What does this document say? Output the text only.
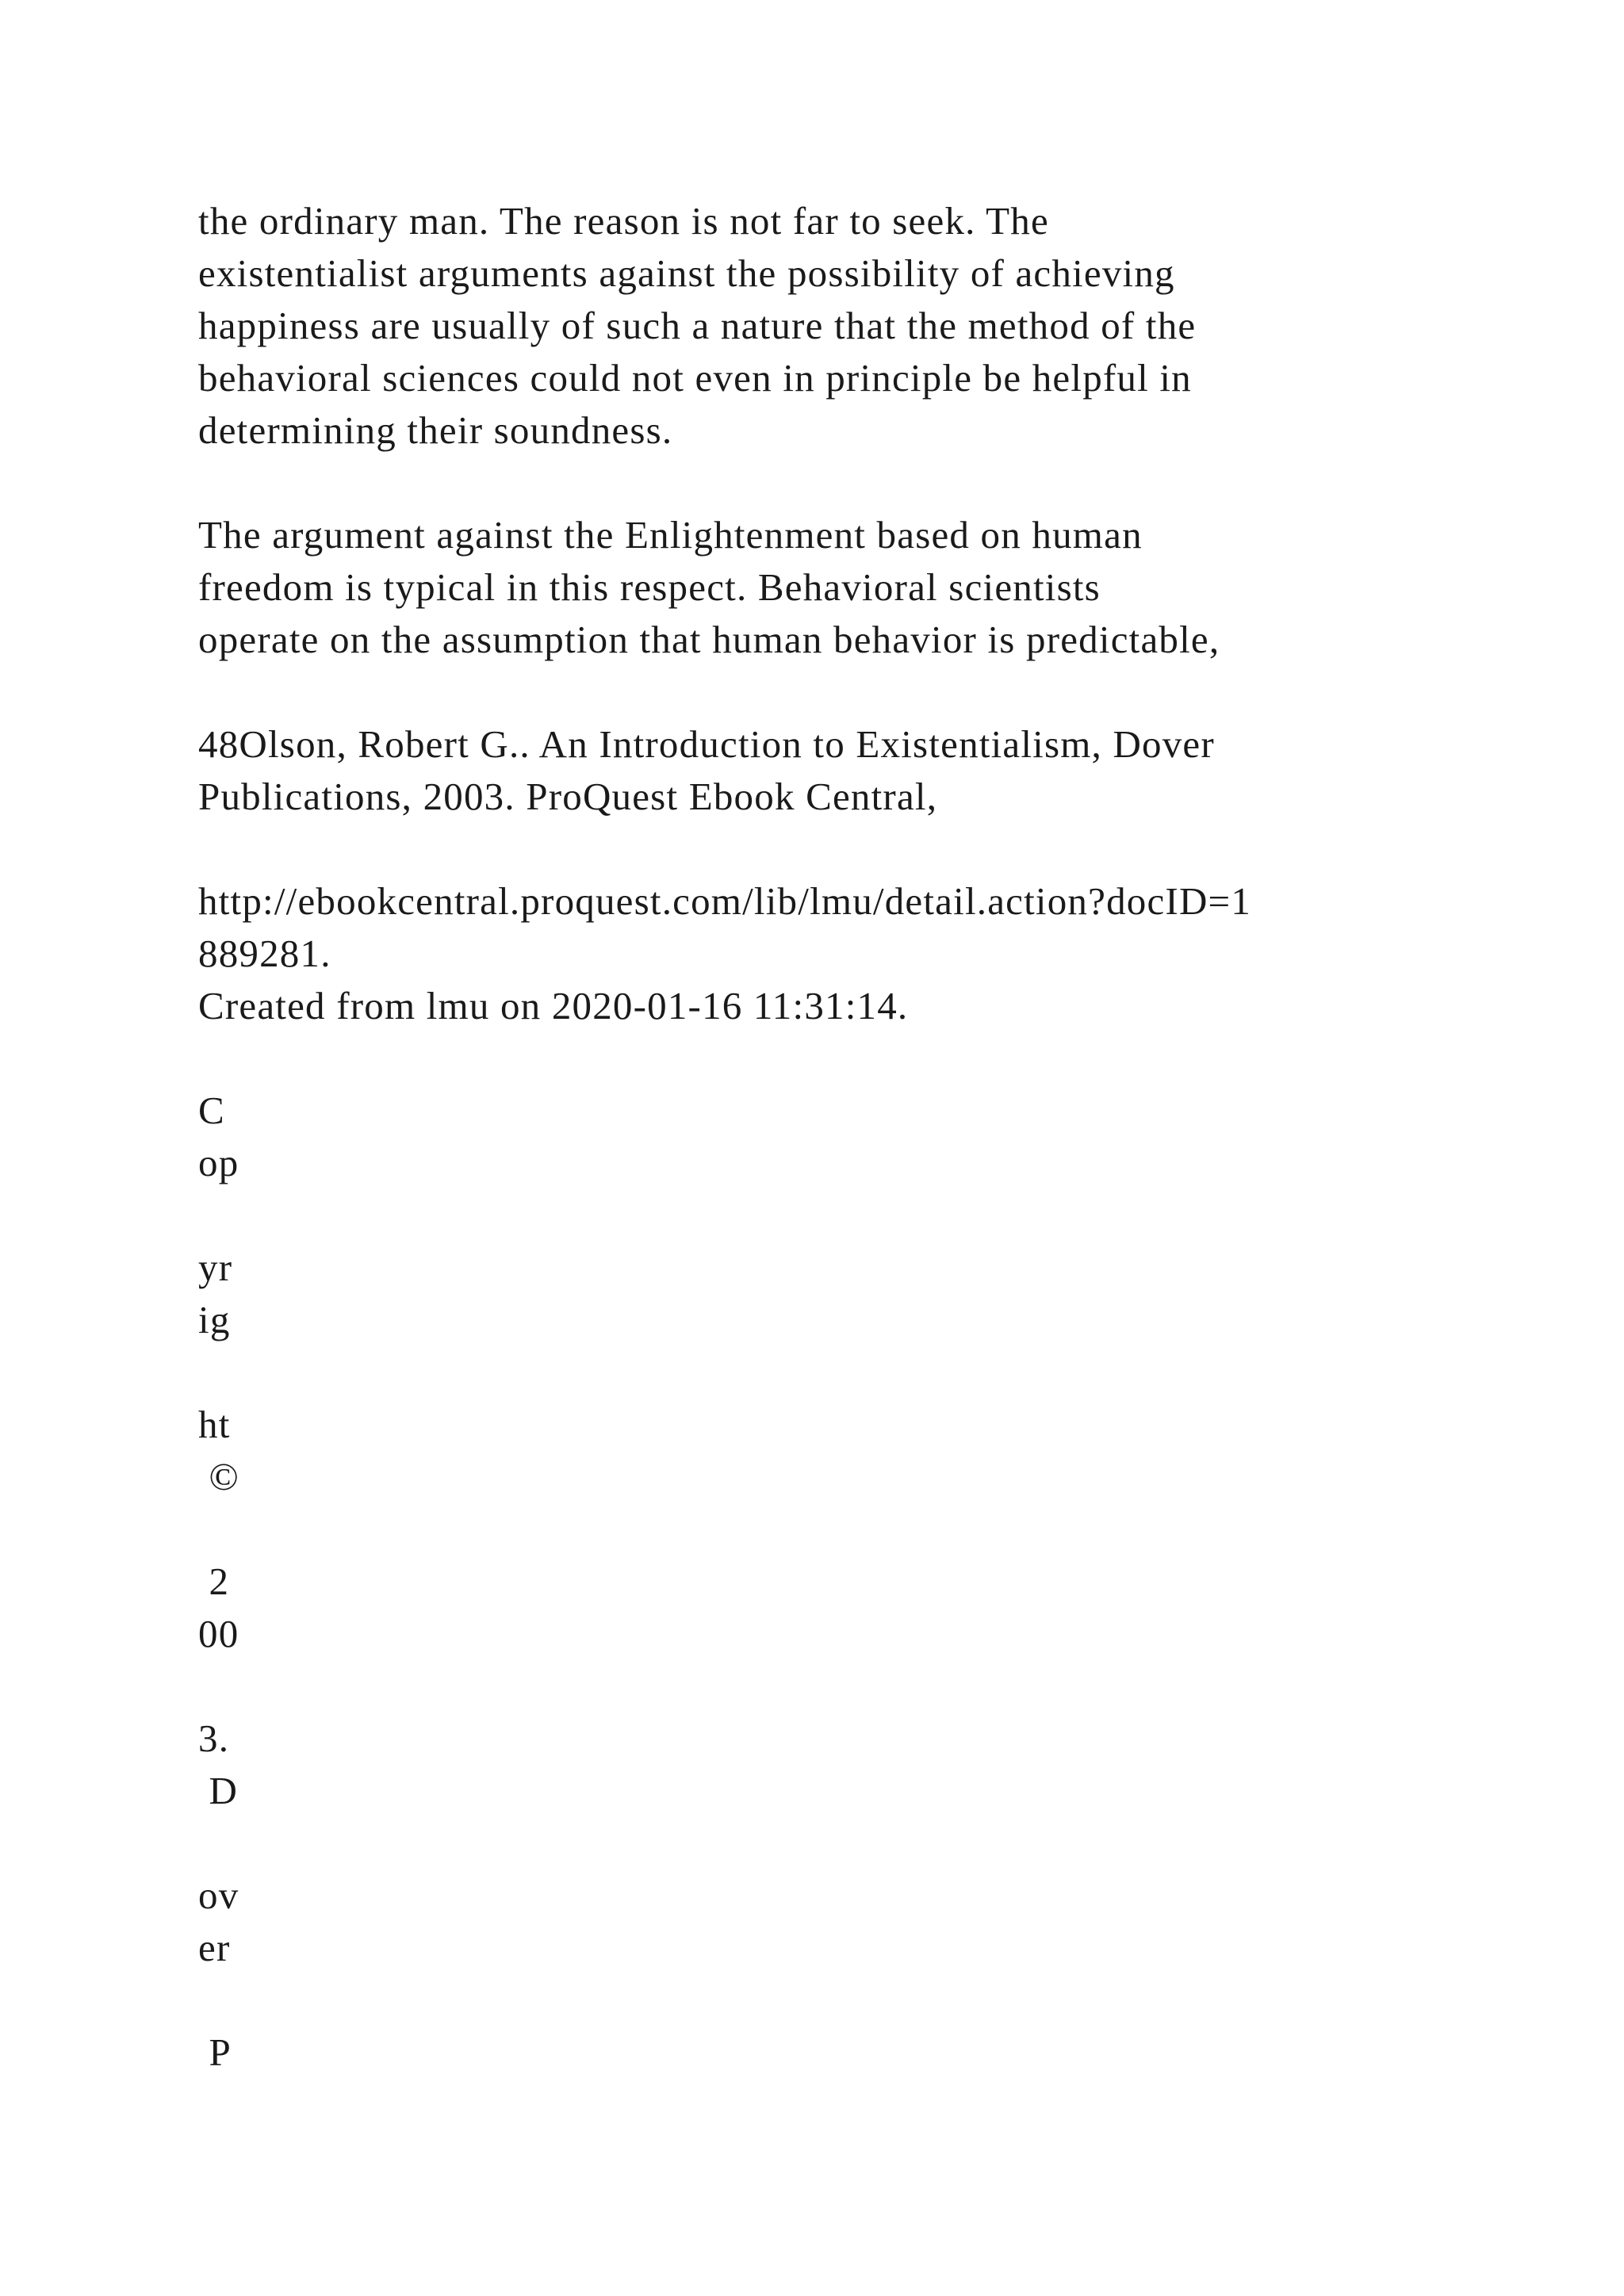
the ordinary man. The reason is not far to seek. The
existentialist arguments against the possibility of achieving
happiness are usually of such a nature that the method of the
behavioral sciences could not even in principle be helpful in
determining their soundness.
The argument against the Enlightenment based on human
freedom is typical in this respect. Behavioral scientists
operate on the assumption that human behavior is predictable,
48Olson, Robert G.. An Introduction to Existentialism, Dover
Publications, 2003. ProQuest Ebook Central,
http://ebookcentral.proquest.com/lib/lmu/detail.action?docID=1
889281.
Created from lmu on 2020-01-16 11:31:14.
C
op
yr
ig
ht
©
2
00
3.
D
ov
er
P
